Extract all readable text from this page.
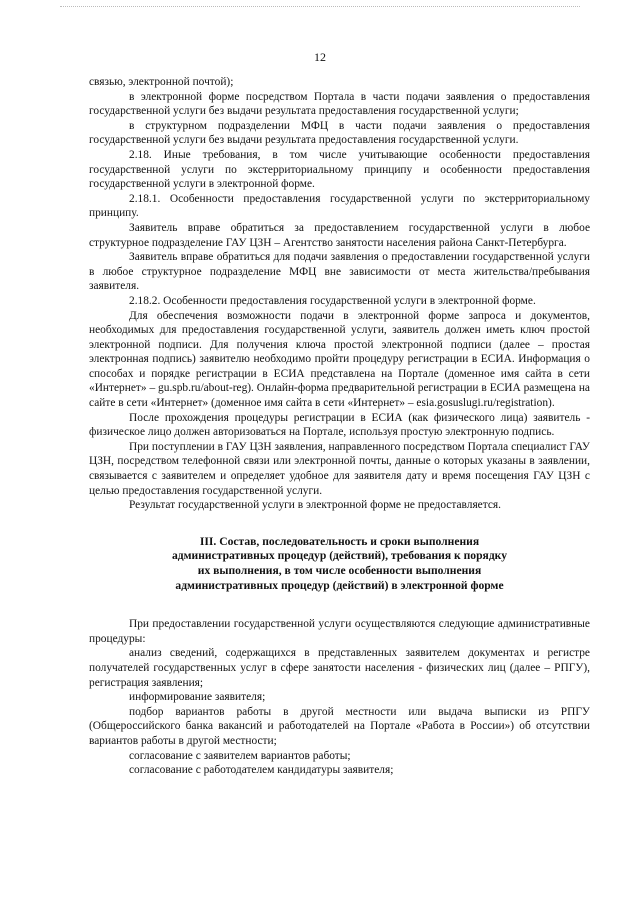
12

связью, электронной почтой);

в электронной форме посредством Портала в части подачи заявления о предоставления государственной услуги без выдачи результата предоставления государственной услуги;

в структурном подразделении МФЦ в части подачи заявления о предоставления государственной услуги без выдачи результата предоставления государственной услуги.

2.18. Иные требования, в том числе учитывающие особенности предоставления государственной услуги по экстерриториальному принципу и особенности предоставления государственной услуги в электронной форме.

2.18.1. Особенности предоставления государственной услуги по экстерриториальному принципу.

Заявитель вправе обратиться за предоставлением государственной услуги в любое структурное подразделение ГАУ ЦЗН – Агентство занятости населения района Санкт-Петербурга.

Заявитель вправе обратиться для подачи заявления о предоставлении государственной услуги в любое структурное подразделение МФЦ вне зависимости от места жительства/пребывания заявителя.

2.18.2. Особенности предоставления государственной услуги в электронной форме.

Для обеспечения возможности подачи в электронной форме запроса и документов, необходимых для предоставления государственной услуги, заявитель должен иметь ключ простой электронной подписи. Для получения ключа простой электронной подписи (далее – простая электронная подпись) заявителю необходимо пройти процедуру регистрации в ЕСИА. Информация о способах и порядке регистрации в ЕСИА представлена на Портале (доменное имя сайта в сети «Интернет» – gu.spb.ru/about-reg). Онлайн-форма предварительной регистрации в ЕСИА размещена на сайте в сети «Интернет» (доменное имя сайта в сети «Интернет» – esia.gosuslugi.ru/registration).

После прохождения процедуры регистрации в ЕСИА (как физического лица) заявитель - физическое лицо должен авторизоваться на Портале, используя простую электронную подпись.

При поступлении в ГАУ ЦЗН заявления, направленного посредством Портала специалист ГАУ ЦЗН, посредством телефонной связи или электронной почты, данные о которых указаны в заявлении, связывается с заявителем и определяет удобное для заявителя дату и время посещения ГАУ ЦЗН с целью предоставления государственной услуги.

Результат государственной услуги в электронной форме не предоставляется.

III. Состав, последовательность и сроки выполнения
административных процедур (действий), требования к порядку
их выполнения, в том числе особенности выполнения
административных процедур (действий) в электронной форме

При предоставлении государственной услуги осуществляются следующие административные процедуры:

анализ сведений, содержащихся в представленных заявителем документах и регистре получателей государственных услуг в сфере занятости населения - физических лиц (далее – РПГУ), регистрация заявления;

информирование заявителя;

подбор вариантов работы в другой местности или выдача выписки из РПГУ (Общероссийского банка вакансий и работодателей на Портале «Работа в России») об отсутствии вариантов работы в другой местности;

согласование с заявителем вариантов работы;

согласование с работодателем кандидатуры заявителя;
